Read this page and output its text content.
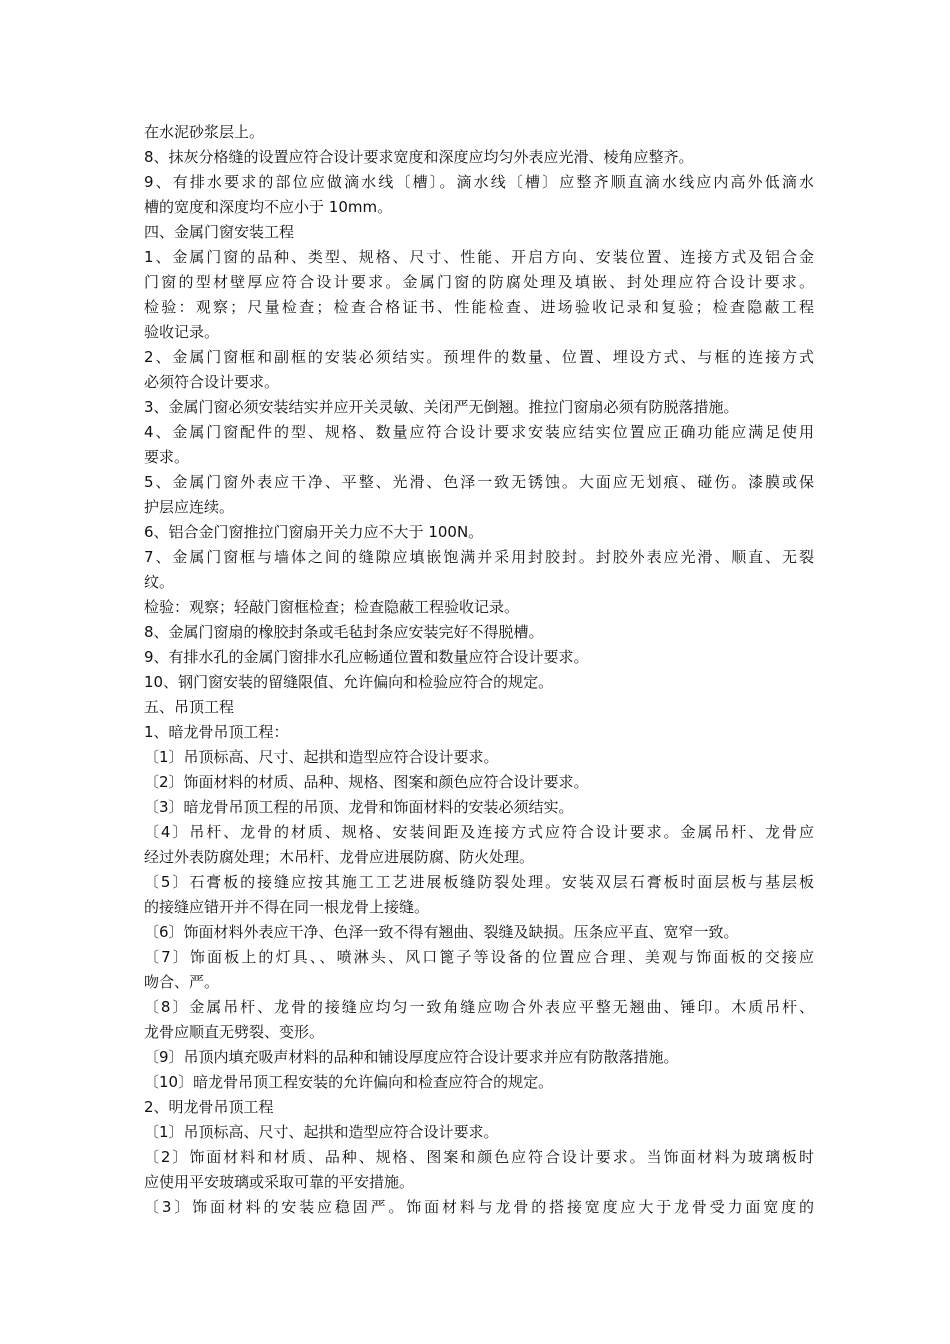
在水泥砂浆层上。
8、抹灰分格缝的设置应符合设计要求宽度和深度应均匀外表应光滑、棱角应整齐。
9、有排水要求的部位应做滴水线〔槽〕。滴水线〔槽〕应整齐顺直滴水线应内高外低滴水
槽的宽度和深度均不应小于 10mm。
四、金属门窗安装工程
1、金属门窗的品种、类型、规格、尺寸、性能、开启方向、安装位置、连接方式及铝合金
门窗的型材壁厚应符合设计要求。金属门窗的防腐处理及填嵌、封处理应符合设计要求。
检验：观察；尺量检查；检查合格证书、性能检查、进场验收记录和复验；检查隐蔽工程
验收记录。
2、金属门窗框和副框的安装必须结实。预埋件的数量、位置、埋设方式、与框的连接方式
必须符合设计要求。
3、金属门窗必须安装结实并应开关灵敏、关闭严无倒翘。推拉门窗扇必须有防脱落措施。
4、金属门窗配件的型、规格、数量应符合设计要求安装应结实位置应正确功能应满足使用
要求。
5、金属门窗外表应干净、平整、光滑、色泽一致无锈蚀。大面应无划痕、碰伤。漆膜或保
护层应连续。
6、铝合金门窗推拉门窗扇开关力应不大于 100N。
7、金属门窗框与墙体之间的缝隙应填嵌饱满并采用封胶封。封胶外表应光滑、顺直、无裂
纹。
检验：观察；轻敲门窗框检查；检查隐蔽工程验收记录。
8、金属门窗扇的橡胶封条或毛毡封条应安装完好不得脱槽。
9、有排水孔的金属门窗排水孔应畅通位置和数量应符合设计要求。
10、钢门窗安装的留缝限值、允许偏向和检验应符合的规定。
五、吊顶工程
1、暗龙骨吊顶工程：
〔1〕吊顶标高、尺寸、起拱和造型应符合设计要求。
〔2〕饰面材料的材质、品种、规格、图案和颜色应符合设计要求。
〔3〕暗龙骨吊顶工程的吊顶、龙骨和饰面材料的安装必须结实。
〔4〕吊杆、龙骨的材质、规格、安装间距及连接方式应符合设计要求。金属吊杆、龙骨应
经过外表防腐处理；木吊杆、龙骨应进展防腐、防火处理。
〔5〕石膏板的接缝应按其施工工艺进展板缝防裂处理。安装双层石膏板时面层板与基层板
的接缝应错开并不得在同一根龙骨上接缝。
〔6〕饰面材料外表应干净、色泽一致不得有翘曲、裂缝及缺损。压条应平直、宽窄一致。
〔7〕饰面板上的灯具、、喷淋头、风口篦子等设备的位置应合理、美观与饰面板的交接应
吻合、严。
〔8〕金属吊杆、龙骨的接缝应均匀一致角缝应吻合外表应平整无翘曲、锤印。木质吊杆、
龙骨应顺直无劈裂、变形。
〔9〕吊顶内填充吸声材料的品种和铺设厚度应符合设计要求并应有防散落措施。
〔10〕暗龙骨吊顶工程安装的允许偏向和检查应符合的规定。
2、明龙骨吊顶工程
〔1〕吊顶标高、尺寸、起拱和造型应符合设计要求。
〔2〕饰面材料和材质、品种、规格、图案和颜色应符合设计要求。当饰面材料为玻璃板时
应使用平安玻璃或采取可靠的平安措施。
〔3〕饰面材料的安装应稳固严。饰面材料与龙骨的搭接宽度应大于龙骨受力面宽度的
